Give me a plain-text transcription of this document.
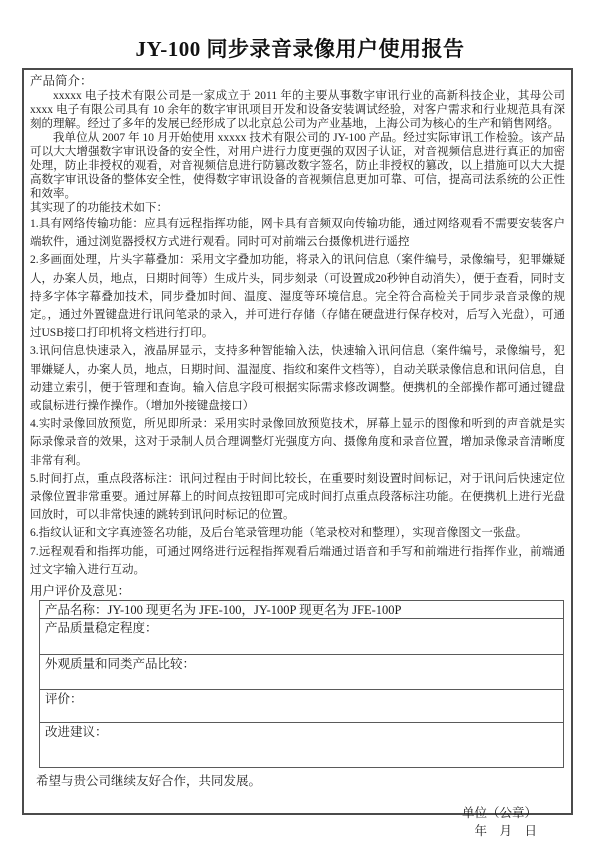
JY-100 同步录音录像用户使用报告
产品简介：

xxxxx 电子技术有限公司是一家成立于 2011 年的主要从事数字审讯行业的高新科技企业，其母公司 xxxx 电子有限公司具有 10 余年的数字审讯项目开发和设备安装调试经验，对客户需求和行业规范具有深刻的理解。经过了多年的发展已经形成了以北京总公司为产业基地，上海公司为核心的生产和销售网络。

我单位从 2007 年 10 月开始使用 xxxxx 技术有限公司的 JY-100 产品。经过实际审讯工作检验。该产品可以大大增强数字审讯设备的安全性，对用户进行力度更强的双因子认证，对音视频信息进行真正的加密处理，防止非授权的观看，对音视频信息进行防篡改数字签名，防止非授权的篡改，以上措施可以大大提高数字审讯设备的整体安全性，使得数字审讯设备的音视频信息更加可靠、可信，提高司法系统的公正性和效率。

其实现了的功能技术如下：

1.具有网络传输功能：应具有远程指挥功能，网卡具有音频双向传输功能，通过网络观看不需要安装客户端软件，通过浏览器授权方式进行观看。同时可对前端云台摄像机进行遥控

2.多画面处理，片头字幕叠加：采用文字叠加功能，将录入的讯问信息（案件编号，录像编号，犯罪嫌疑人，办案人员，地点，日期时间等）生成片头，同步刻录（可设置成20秒钟自动消失），便于查看，同时支持多字体字幕叠加技术，同步叠加时间、温度、湿度等环境信息。完全符合高检关于同步录音录像的规定。，通过外置键盘进行讯问笔录的录入，并可进行存储（存储在硬盘进行保存校对，后写入光盘），可通过USB接口打印机将文档进行打印。

3.讯问信息快速录入，液晶屏显示，支持多种智能输入法，快速输入讯问信息（案件编号，录像编号，犯罪嫌疑人，办案人员，地点，日期时间、温湿度、指纹和案件文档等），自动关联录像信息和讯问信息，自动建立索引，便于管理和查询。输入信息字段可根据实际需求修改调整。便携机的全部操作都可通过键盘或鼠标进行操作操作。（增加外接键盘接口）

4.实时录像回放预览，所见即所录：采用实时录像回放预览技术，屏幕上显示的图像和听到的声音就是实际录像录音的效果，这对于录制人员合理调整灯光强度方向、摄像角度和录音位置，增加录像录音清晰度非常有利。

5.时间打点，重点段落标注：讯问过程由于时间比较长，在重要时刻设置时间标记，对于讯问后快速定位录像位置非常重要。通过屏幕上的时间点按钮即可完成时间打点重点段落标注功能。在便携机上进行光盘回放时，可以非常快速的跳转到讯问时标记的位置。

6.指纹认证和文字真迹签名功能，及后台笔录管理功能（笔录校对和整理），实现音像图文一张盘。

7.远程观看和指挥功能，可通过网络进行远程指挥观看后端通过语音和手写和前端进行指挥作业，前端通过文字输入进行互动。

用户评价及意见：
产品名称：JY-100 现更名为 JFE-100，JY-100P 现更名为 JFE-100P
产品质量稳定程度：
外观质量和同类产品比较：
评价：
改进建议：

希望与贵公司继续友好合作，共同发展。

单位（公章）
年　月　日
